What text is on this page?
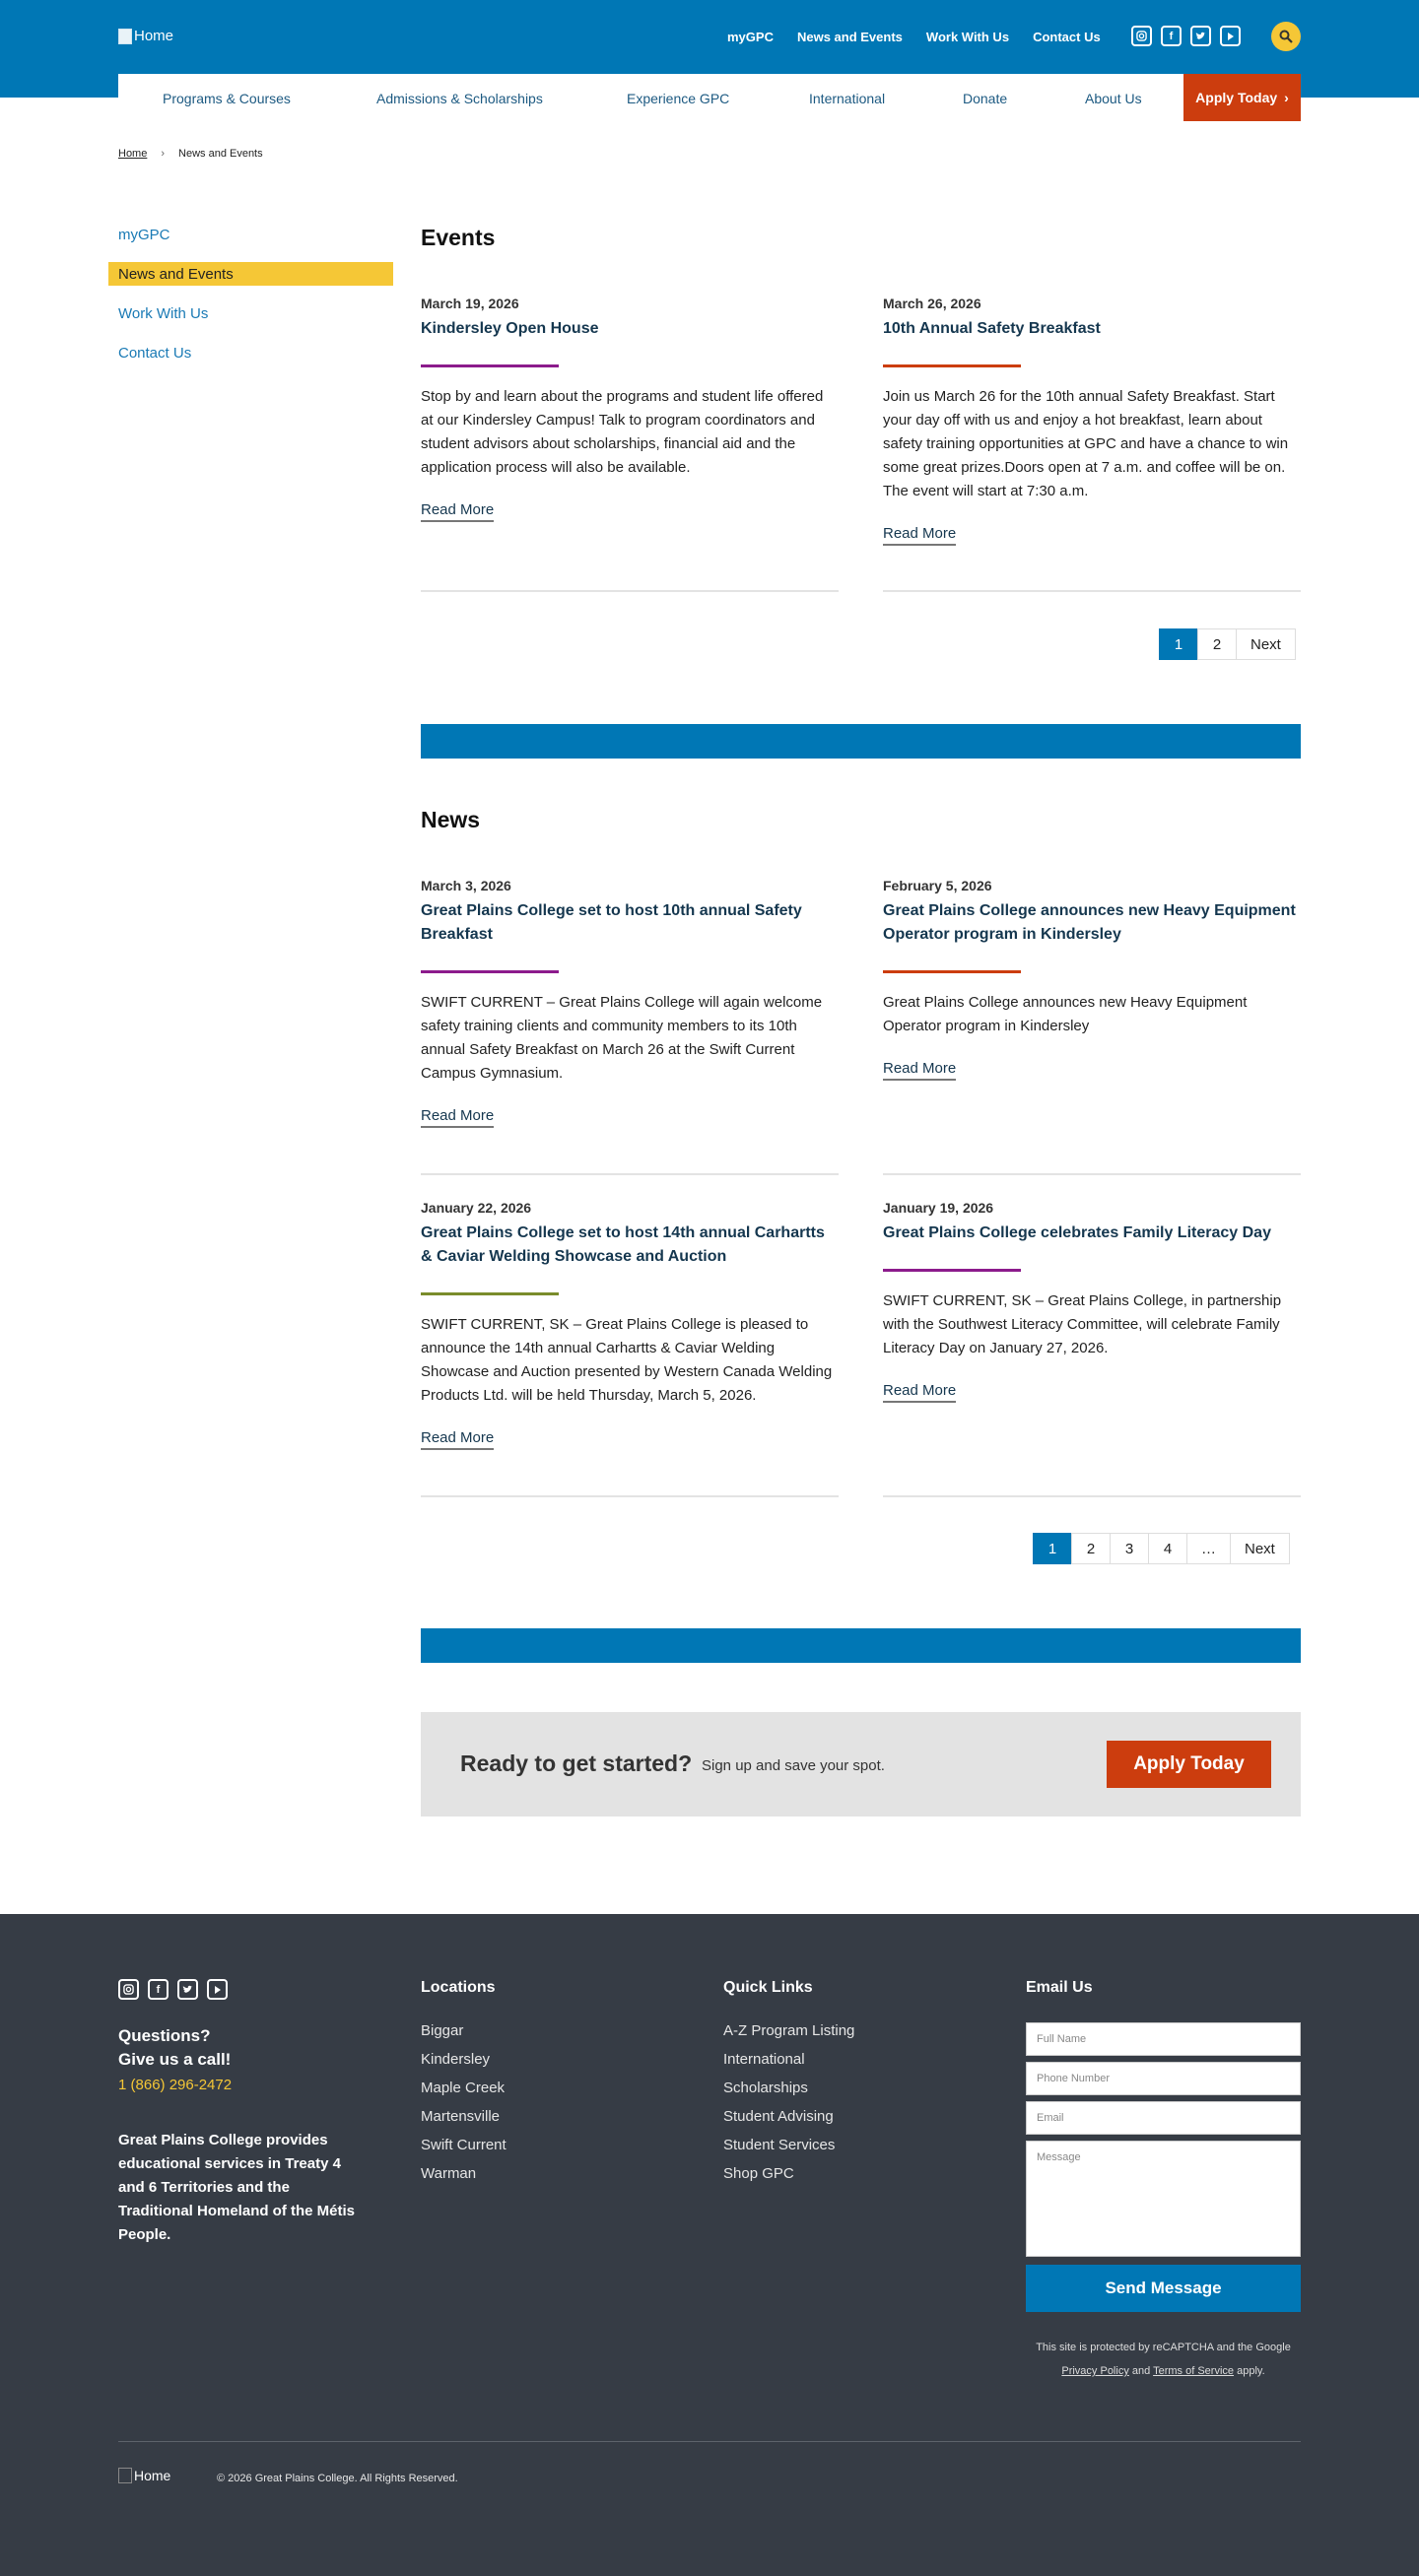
Home	myGPC News and Events Work With Us Contact Us	f
Programs & Courses	Admissions & Scholarships	Experience GPC	International	Donate	About Us	Apply Today ›
Home › News and Events
myGPC
News and Events
Work With Us
Contact Us
Events
March 19, 2026
Kindersley Open House

Stop by and learn about the programs and student life offered at our Kindersley Campus! Talk to program coordinators and student advisors about scholarships, financial aid and the application process will also be available.

Read More
March 26, 2026
10th Annual Safety Breakfast

Join us March 26 for the 10th annual Safety Breakfast. Start your day off with us and enjoy a hot breakfast, learn about safety training opportunities at GPC and have a chance to win some great prizes.Doors open at 7 a.m. and coffee will be on. The event will start at 7:30 a.m.

Read More
1	2	Next
News
March 3, 2026
Great Plains College set to host 10th annual Safety Breakfast

SWIFT CURRENT – Great Plains College will again welcome safety training clients and community members to its 10th annual Safety Breakfast on March 26 at the Swift Current Campus Gymnasium.

Read More
February 5, 2026
Great Plains College announces new Heavy Equipment Operator program in Kindersley

Great Plains College announces new Heavy Equipment Operator program in Kindersley

Read More
January 22, 2026
Great Plains College set to host 14th annual Carhartts & Caviar Welding Showcase and Auction

SWIFT CURRENT, SK – Great Plains College is pleased to announce the 14th annual Carhartts & Caviar Welding Showcase and Auction presented by Western Canada Welding Products Ltd. will be held Thursday, March 5, 2026.

Read More
January 19, 2026
Great Plains College celebrates Family Literacy Day

SWIFT CURRENT, SK – Great Plains College, in partnership with the Southwest Literacy Committee, will celebrate Family Literacy Day on January 27, 2026.

Read More
1	2	3	4	…	Next
Ready to get started? Sign up and save your spot.	Apply Today
f
Questions?
Give us a call!
1 (866) 296-2472

Great Plains College provides educational services in Treaty 4 and 6 Territories and the Traditional Homeland of the Métis People.

Locations
Biggar
Kindersley
Maple Creek
Martensville
Swift Current
Warman
Quick Links
A-Z Program Listing
International
Scholarships
Student Advising
Student Services
Shop GPC
Email Us
Full Name
Phone Number
Email
Message
Send Message
This site is protected by reCAPTCHA and the Google
Privacy Policy and Terms of Service apply.
Home	© 2026 Great Plains College. All Rights Reserved.
